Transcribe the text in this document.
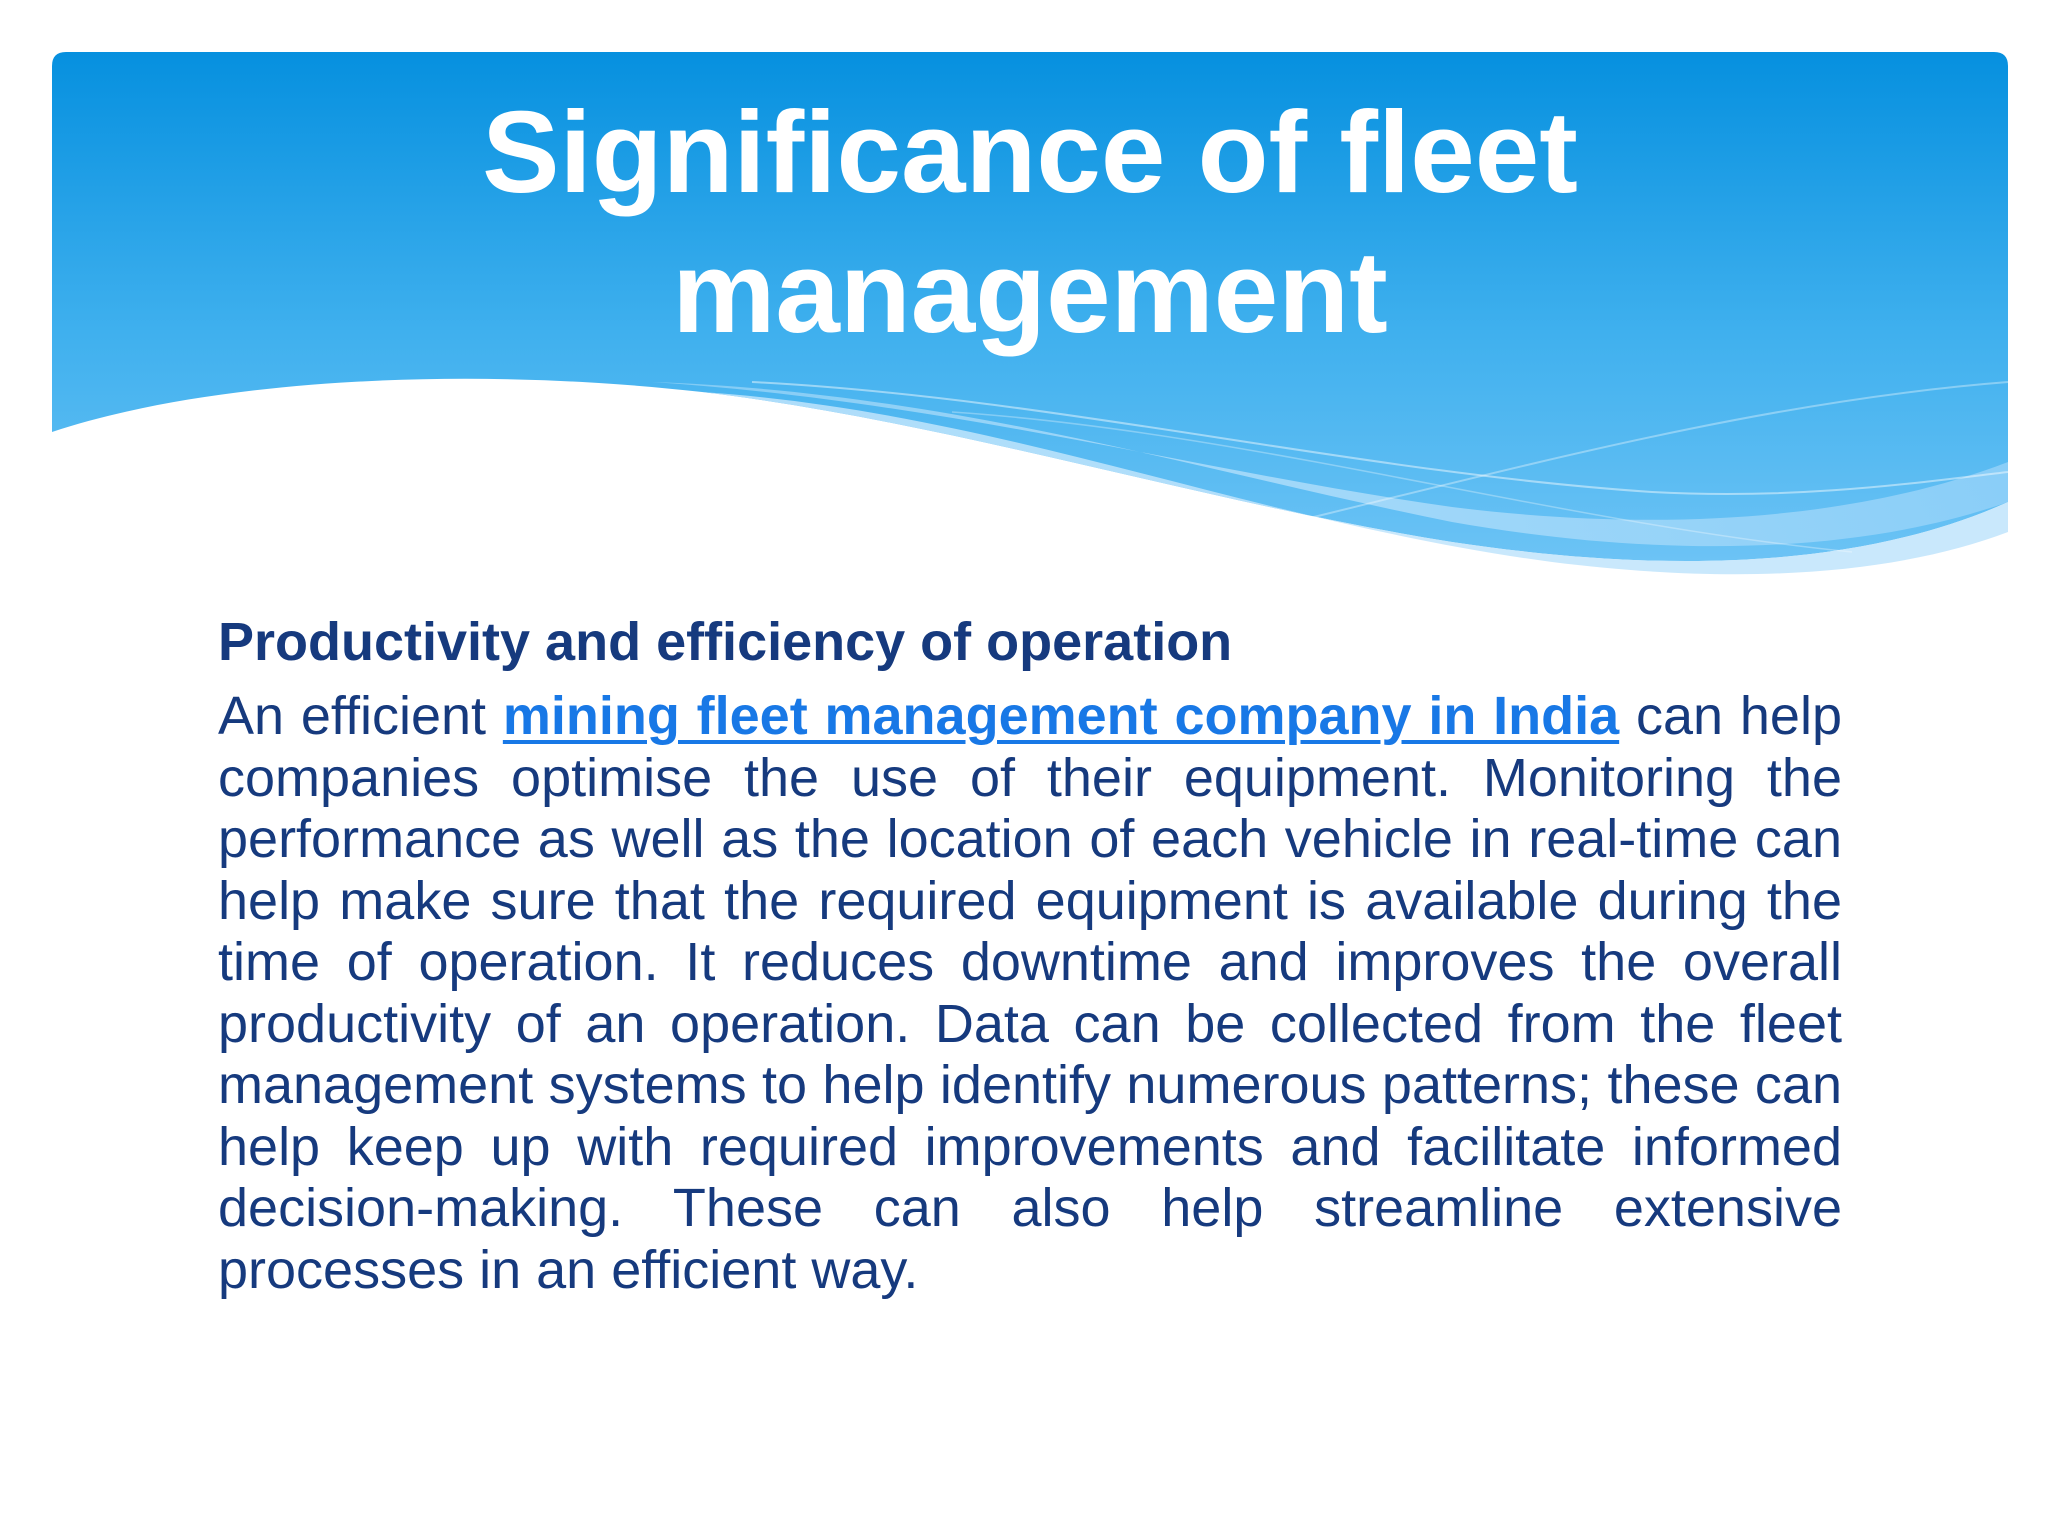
Significance of fleet
management

Productivity and efficiency of operation

An efficient mining fleet management company in India can help companies optimise the use of their equipment. Monitoring the performance as well as the location of each vehicle in real-time can help make sure that the required equipment is available during the time of operation. It reduces downtime and improves the overall productivity of an operation. Data can be collected from the fleet management systems to help identify numerous patterns; these can help keep up with required improvements and facilitate informed decision-making. These can also help streamline extensive processes in an efficient way.
